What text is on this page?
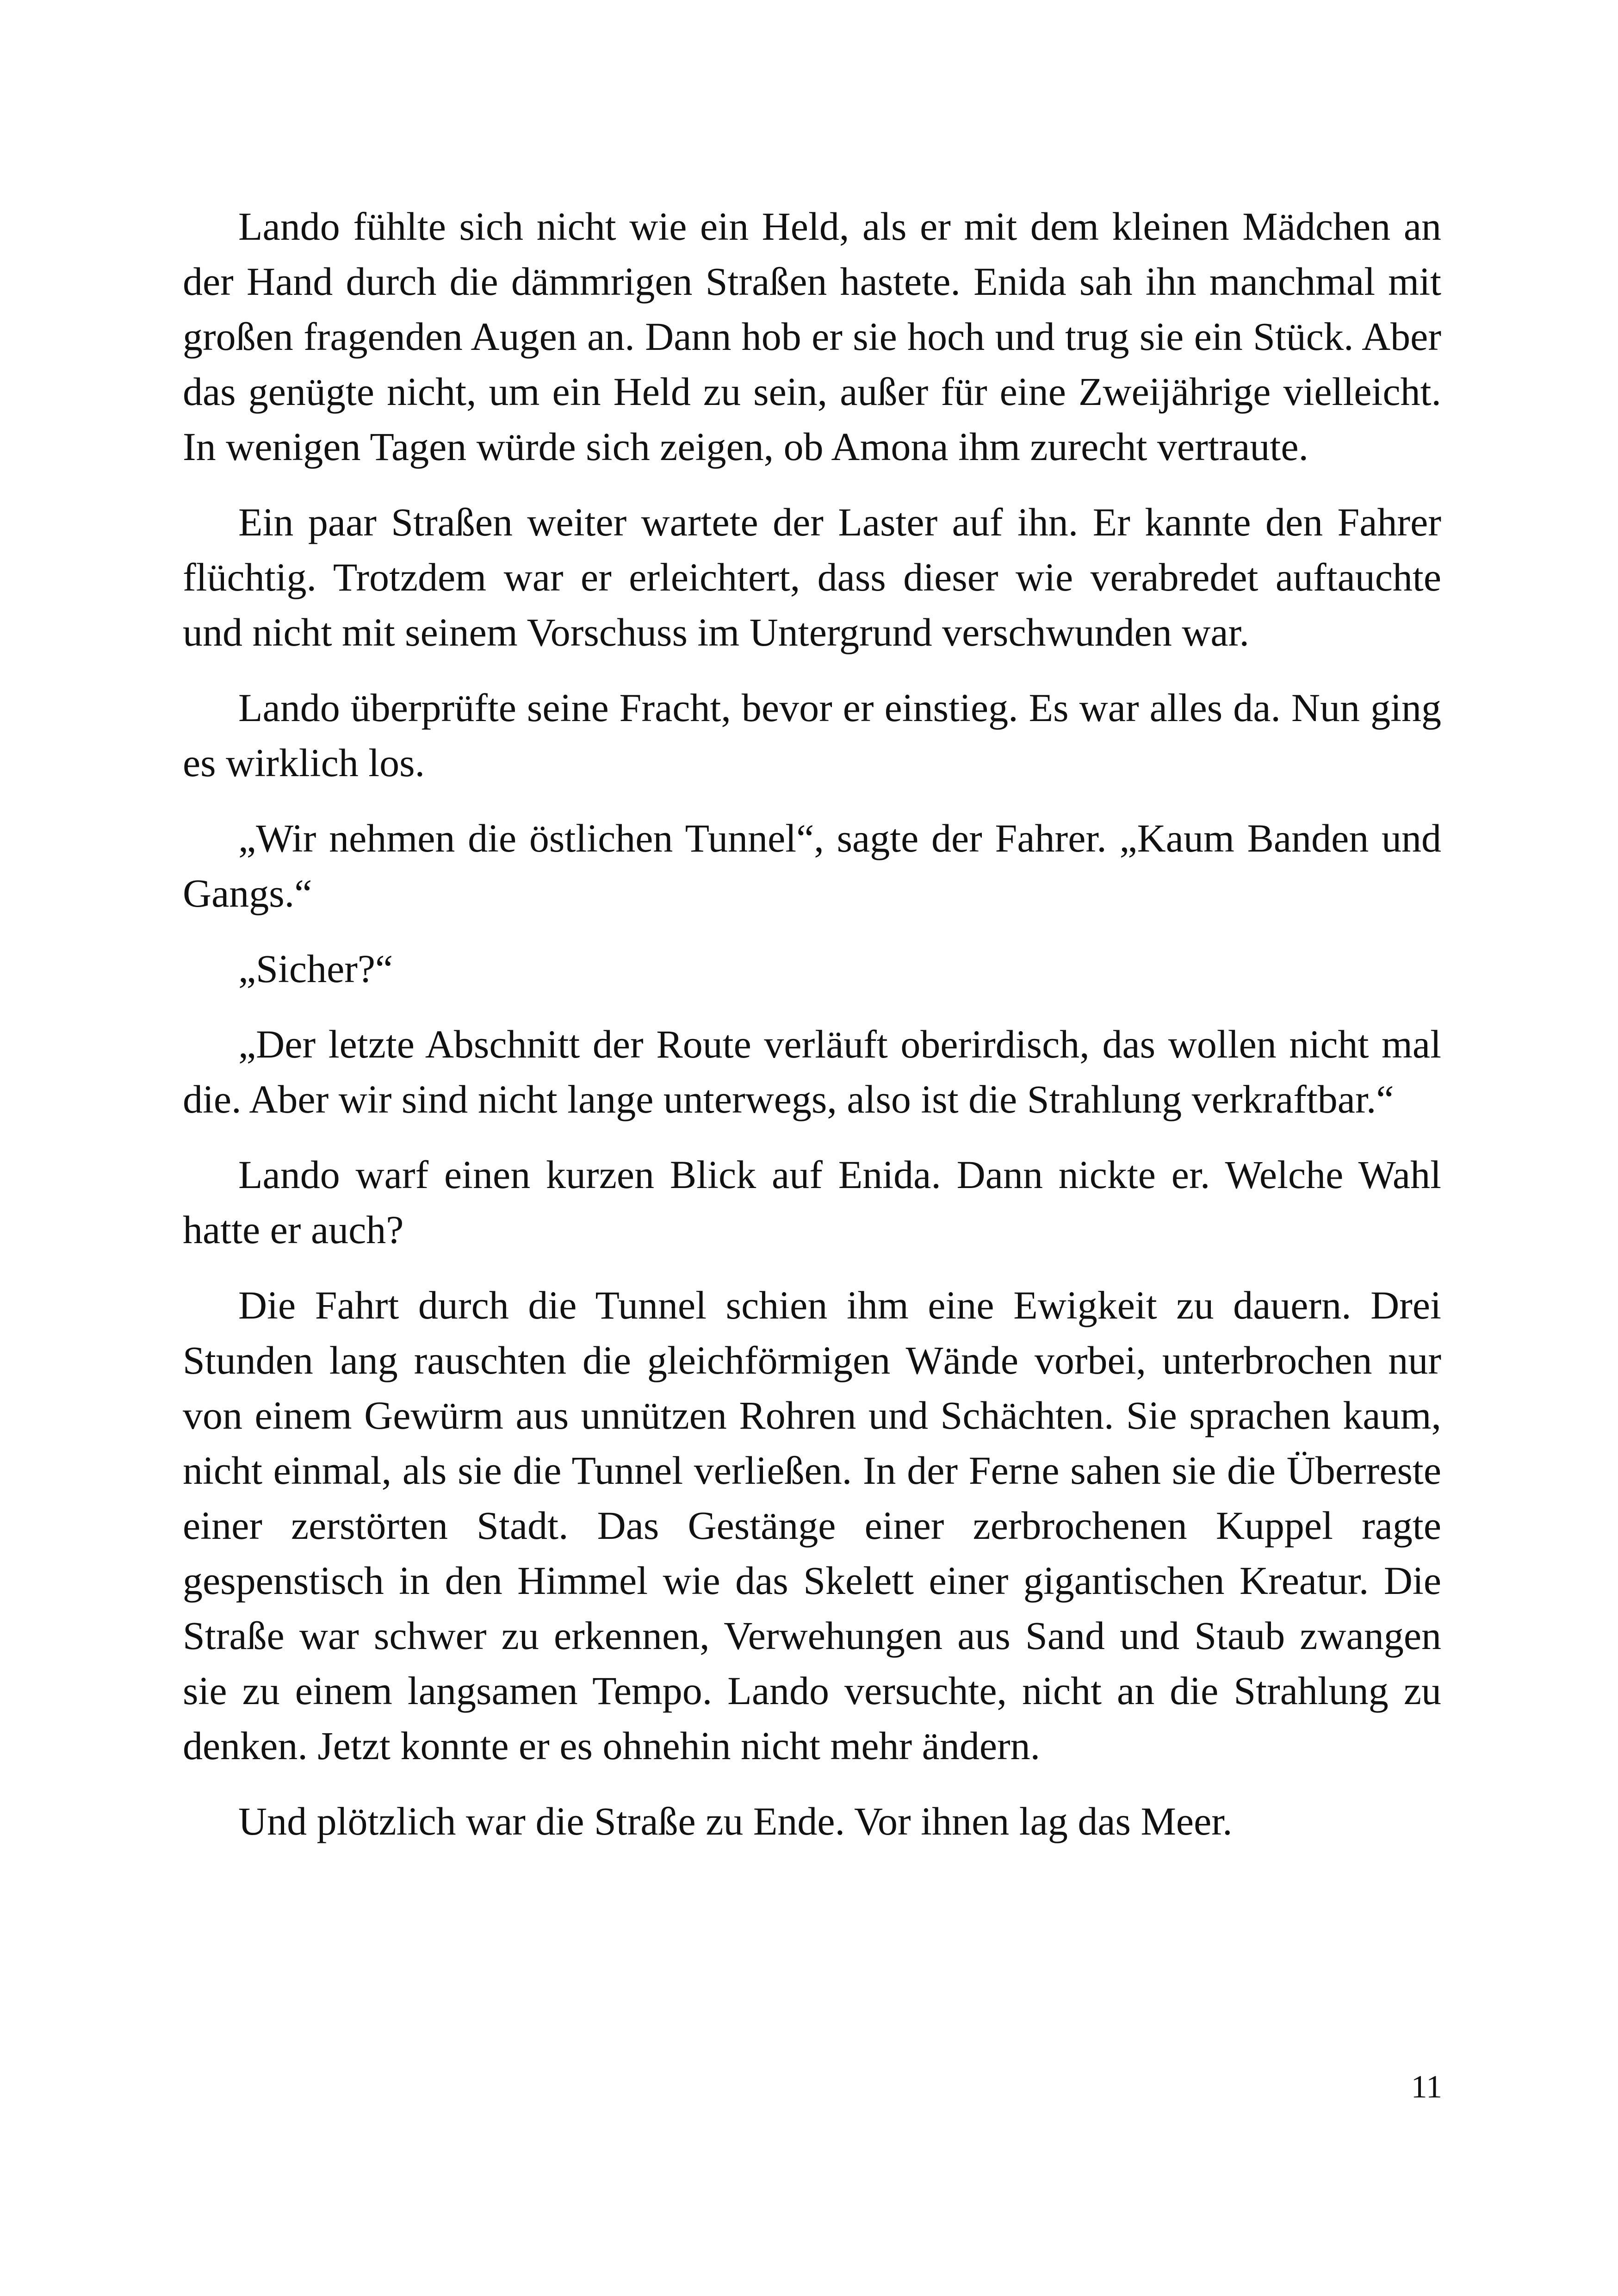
Lando fühlte sich nicht wie ein Held, als er mit dem kleinen Mädchen an der Hand durch die dämmrigen Straßen hastete. Enida sah ihn manchmal mit großen fragenden Augen an. Dann hob er sie hoch und trug sie ein Stück. Aber das genügte nicht, um ein Held zu sein, außer für eine Zweijährige vielleicht. In wenigen Tagen würde sich zeigen, ob Amona ihm zurecht vertraute.

Ein paar Straßen weiter wartete der Laster auf ihn. Er kannte den Fahrer flüchtig. Trotzdem war er erleichtert, dass dieser wie verabredet auftauchte und nicht mit seinem Vorschuss im Untergrund verschwunden war.

Lando überprüfte seine Fracht, bevor er einstieg. Es war alles da. Nun ging es wirklich los.

„Wir nehmen die östlichen Tunnel“, sagte der Fahrer. „Kaum Banden und Gangs.“

„Sicher?“

„Der letzte Abschnitt der Route verläuft oberirdisch, das wollen nicht mal die. Aber wir sind nicht lange unterwegs, also ist die Strahlung verkraftbar.“

Lando warf einen kurzen Blick auf Enida. Dann nickte er. Welche Wahl hatte er auch?

Die Fahrt durch die Tunnel schien ihm eine Ewigkeit zu dauern. Drei Stunden lang rauschten die gleichförmigen Wände vorbei, unterbrochen nur von einem Gewürm aus unnützen Rohren und Schächten. Sie sprachen kaum, nicht einmal, als sie die Tunnel verließen. In der Ferne sahen sie die Überreste einer zerstörten Stadt. Das Gestänge einer zerbrochenen Kuppel ragte gespenstisch in den Himmel wie das Skelett einer gigantischen Kreatur. Die Straße war schwer zu erkennen, Verwehungen aus Sand und Staub zwangen sie zu einem langsamen Tempo. Lando versuchte, nicht an die Strahlung zu denken. Jetzt konnte er es ohnehin nicht mehr ändern.

Und plötzlich war die Straße zu Ende. Vor ihnen lag das Meer.

11
